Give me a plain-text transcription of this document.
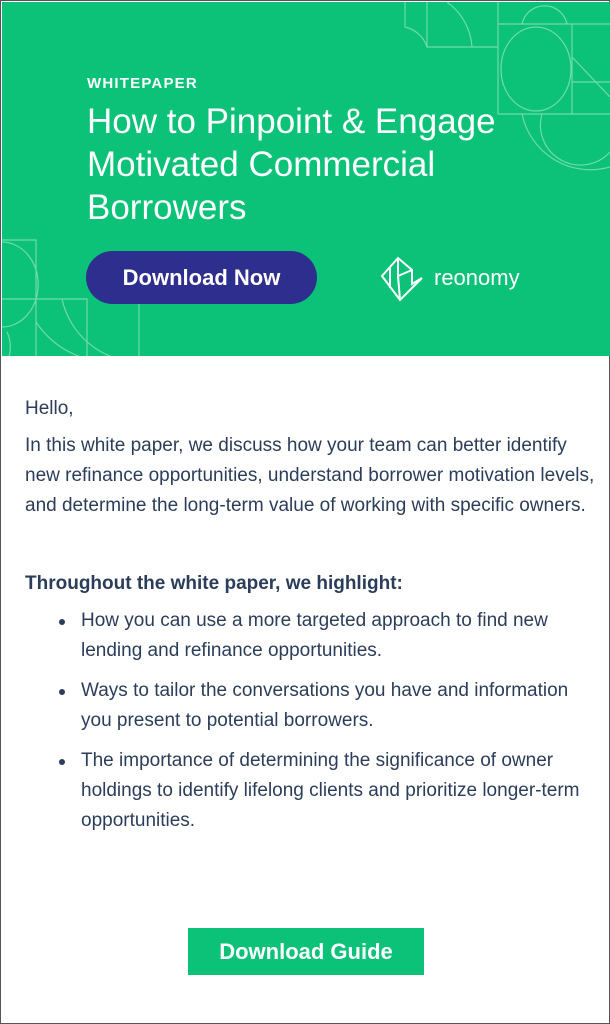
WHITEPAPER
How to Pinpoint & Engage Motivated Commercial Borrowers
Download Now	reonomy

Hello,

In this white paper, we discuss how your team can better identify new refinance opportunities, understand borrower motivation levels, and determine the long-term value of working with specific owners.

Throughout the white paper, we highlight:

How you can use a more targeted approach to find new lending and refinance opportunities.
Ways to tailor the conversations you have and information you present to potential borrowers.
The importance of determining the significance of owner holdings to identify lifelong clients and prioritize longer-term opportunities.
Download Guide
